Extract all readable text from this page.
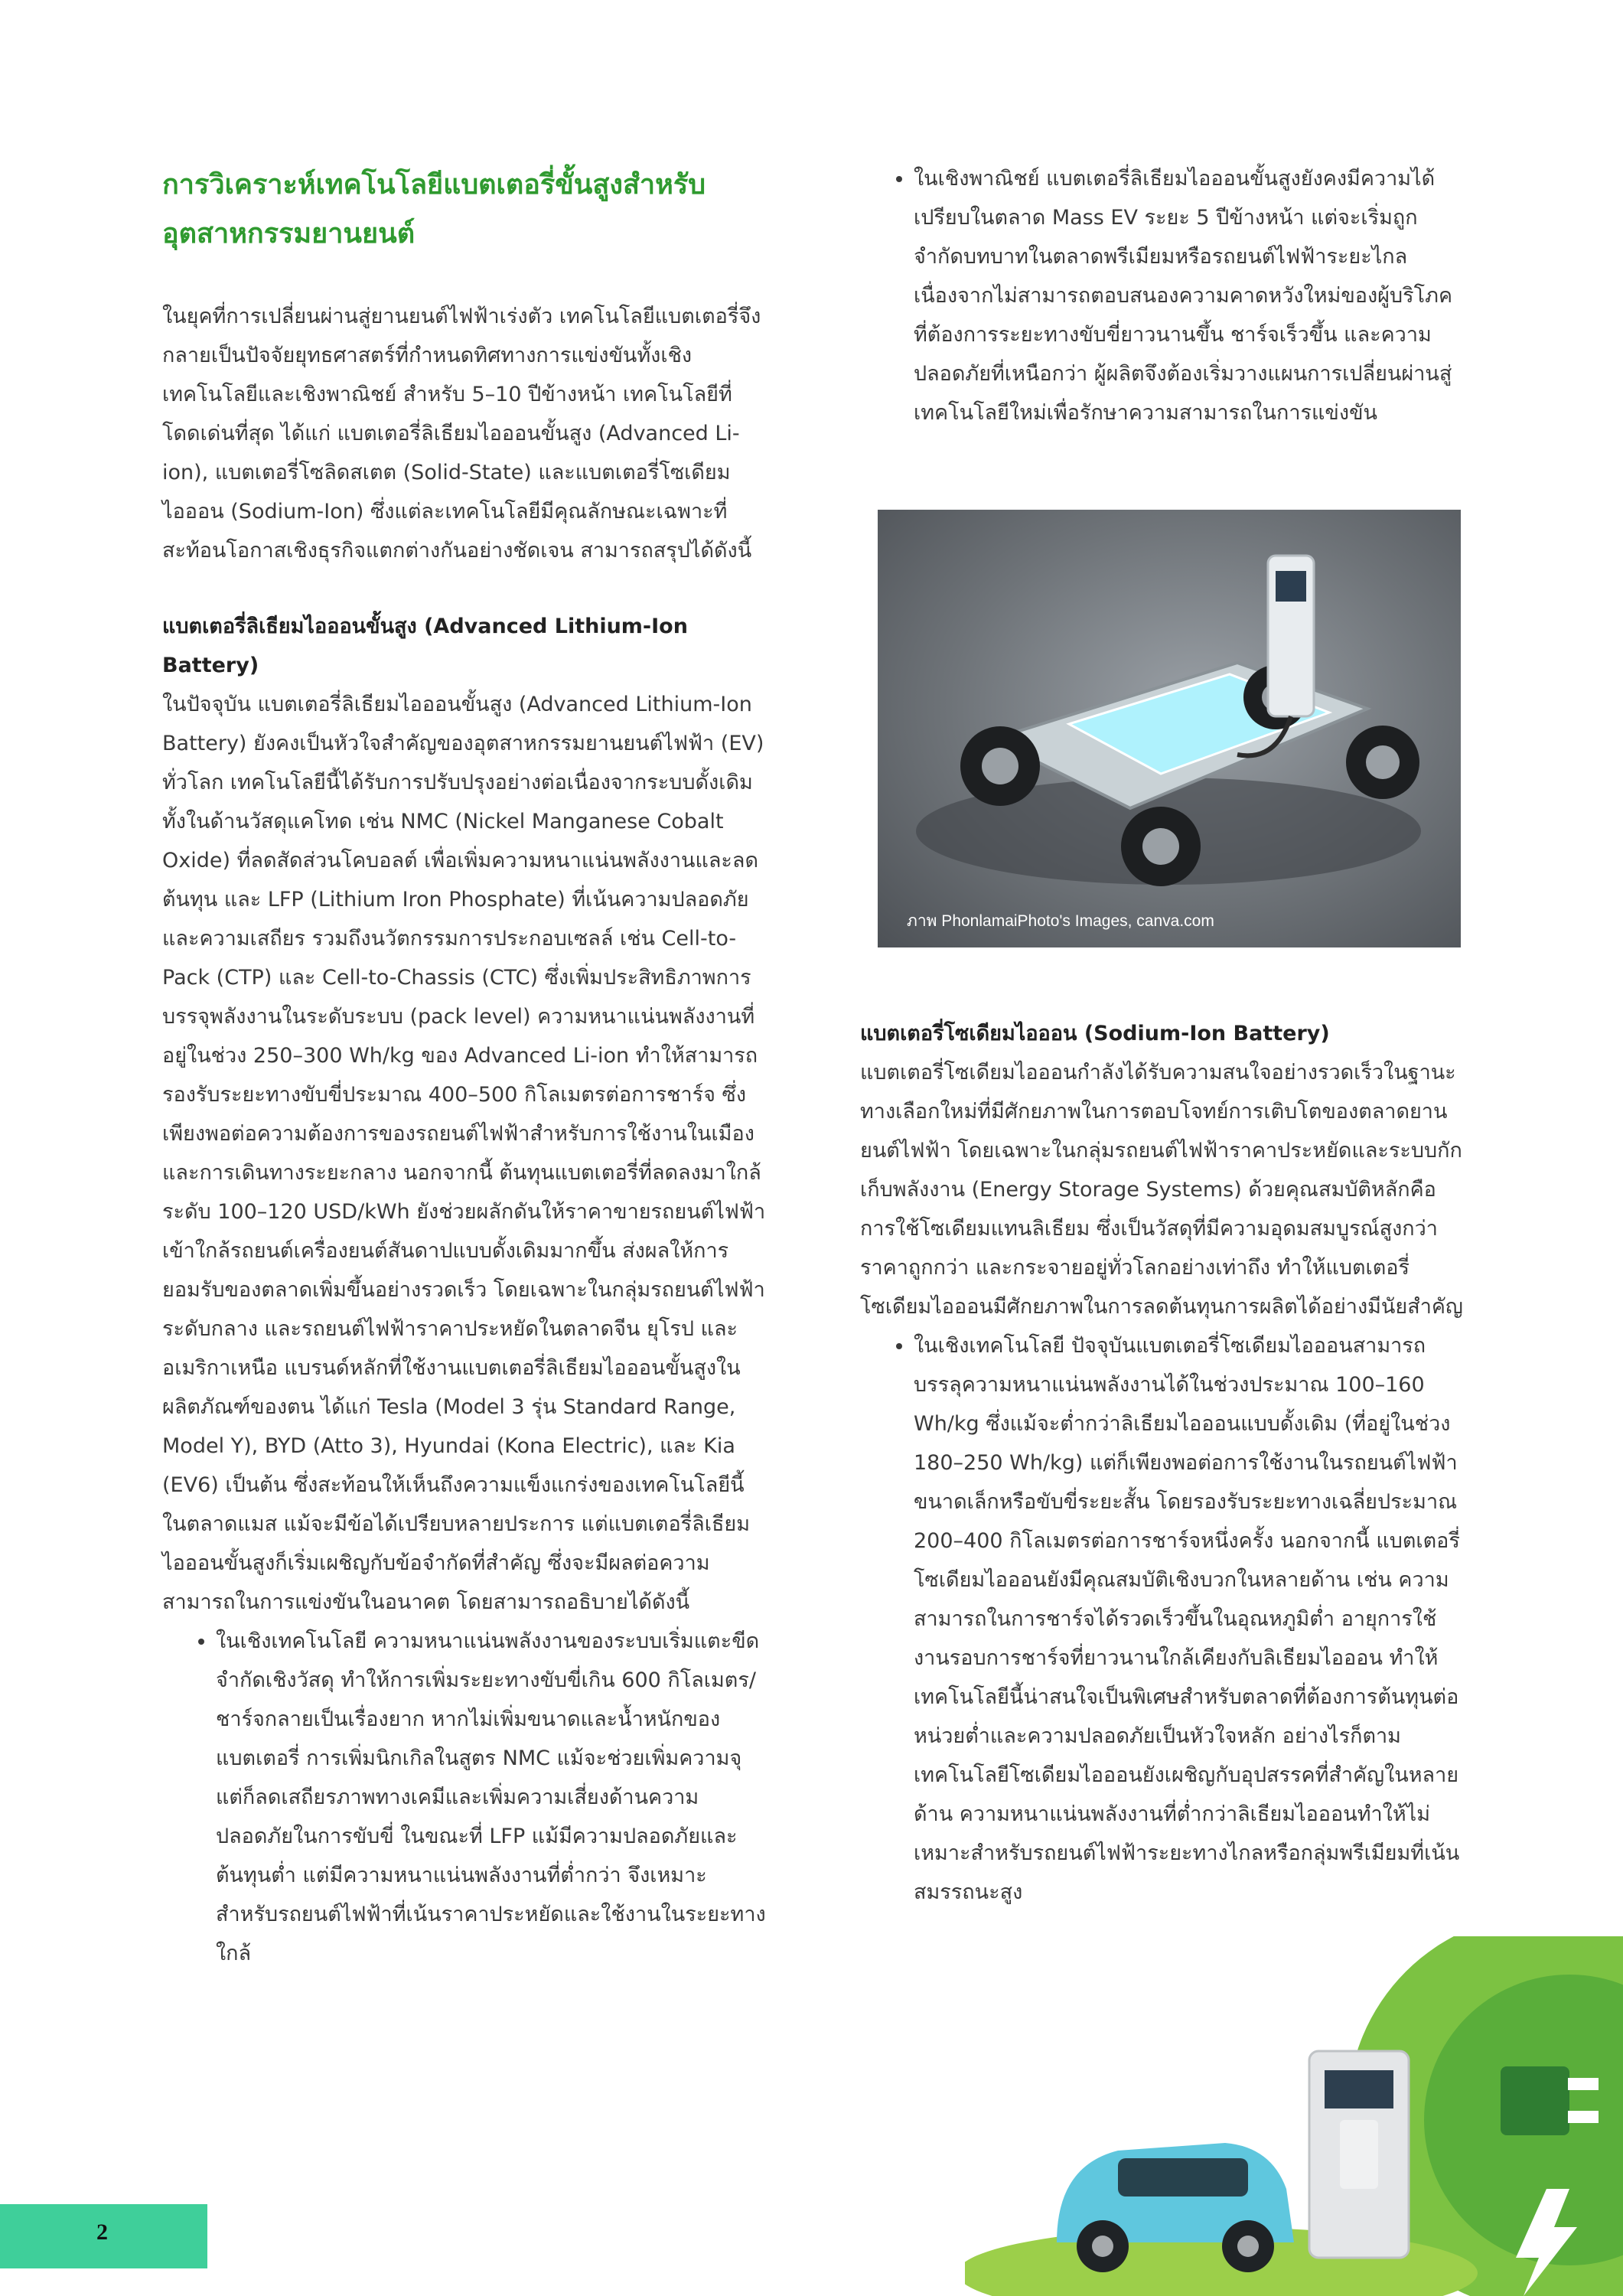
การวิเคราะห์เทคโนโลยีแบตเตอรี่ขั้นสูงสำหรับอุตสาหกรรมยานยนต์

ในยุคที่การเปลี่ยนผ่านสู่ยานยนต์ไฟฟ้าเร่งตัว เทคโนโลยีแบตเตอรี่จึงกลายเป็นปัจจัยยุทธศาสตร์ที่กำหนดทิศทางการแข่งขันทั้งเชิงเทคโนโลยีและเชิงพาณิชย์ สำหรับ 5–10 ปีข้างหน้า เทคโนโลยีที่โดดเด่นที่สุด ได้แก่ แบตเตอรี่ลิเธียมไอออนขั้นสูง (Advanced Li-ion), แบตเตอรี่โซลิดสเตต (Solid-State) และแบตเตอรี่โซเดียมไอออน (Sodium-Ion) ซึ่งแต่ละเทคโนโลยีมีคุณลักษณะเฉพาะที่สะท้อนโอกาสเชิงธุรกิจแตกต่างกันอย่างชัดเจน สามารถสรุปได้ดังนี้

แบตเตอรี่ลิเธียมไอออนขั้นสูง (Advanced Lithium-Ion Battery)

ในปัจจุบัน แบตเตอรี่ลิเธียมไอออนขั้นสูง (Advanced Lithium-Ion Battery) ยังคงเป็นหัวใจสำคัญของอุตสาหกรรมยานยนต์ไฟฟ้า (EV) ทั่วโลก เทคโนโลยีนี้ได้รับการปรับปรุงอย่างต่อเนื่องจากระบบดั้งเดิม ทั้งในด้านวัสดุแคโทด เช่น NMC (Nickel Manganese Cobalt Oxide) ที่ลดสัดส่วนโคบอลต์ เพื่อเพิ่มความหนาแน่นพลังงานและลดต้นทุน และ LFP (Lithium Iron Phosphate) ที่เน้นความปลอดภัยและความเสถียร รวมถึงนวัตกรรมการประกอบเซลล์ เช่น Cell-to-Pack (CTP) และ Cell-to-Chassis (CTC) ซึ่งเพิ่มประสิทธิภาพการบรรจุพลังงานในระดับระบบ (pack level) ความหนาแน่นพลังงานที่อยู่ในช่วง 250–300 Wh/kg ของ Advanced Li-ion ทำให้สามารถรองรับระยะทางขับขี่ประมาณ 400–500 กิโลเมตรต่อการชาร์จ ซึ่งเพียงพอต่อความต้องการของรถยนต์ไฟฟ้าสำหรับการใช้งานในเมืองและการเดินทางระยะกลาง นอกจากนี้ ต้นทุนแบตเตอรี่ที่ลดลงมาใกล้ระดับ 100–120 USD/kWh ยังช่วยผลักดันให้ราคาขายรถยนต์ไฟฟ้าเข้าใกล้รถยนต์เครื่องยนต์สันดาปแบบดั้งเดิมมากขึ้น ส่งผลให้การยอมรับของตลาดเพิ่มขึ้นอย่างรวดเร็ว โดยเฉพาะในกลุ่มรถยนต์ไฟฟ้าระดับกลาง และรถยนต์ไฟฟ้าราคาประหยัดในตลาดจีน ยุโรป และอเมริกาเหนือ แบรนด์หลักที่ใช้งานแบตเตอรี่ลิเธียมไอออนขั้นสูงในผลิตภัณฑ์ของตน ได้แก่ Tesla (Model 3 รุ่น Standard Range, Model Y), BYD (Atto 3), Hyundai (Kona Electric), และ Kia (EV6) เป็นต้น ซึ่งสะท้อนให้เห็นถึงความแข็งแกร่งของเทคโนโลยีนี้ในตลาดแมส แม้จะมีข้อได้เปรียบหลายประการ แต่แบตเตอรี่ลิเธียมไอออนขั้นสูงก็เริ่มเผชิญกับข้อจำกัดที่สำคัญ ซึ่งจะมีผลต่อความสามารถในการแข่งขันในอนาคต โดยสามารถอธิบายได้ดังนี้

• ในเชิงเทคโนโลยี ความหนาแน่นพลังงานของระบบเริ่มแตะขีดจำกัดเชิงวัสดุ ทำให้การเพิ่มระยะทางขับขี่เกิน 600 กิโลเมตร/ชาร์จกลายเป็นเรื่องยาก หากไม่เพิ่มขนาดและน้ำหนักของแบตเตอรี่ การเพิ่มนิกเกิลในสูตร NMC แม้จะช่วยเพิ่มความจุ แต่ก็ลดเสถียรภาพทางเคมีและเพิ่มความเสี่ยงด้านความปลอดภัยในการขับขี่ ในขณะที่ LFP แม้มีความปลอดภัยและต้นทุนต่ำ แต่มีความหนาแน่นพลังงานที่ต่ำกว่า จึงเหมาะสำหรับรถยนต์ไฟฟ้าที่เน้นราคาประหยัดและใช้งานในระยะทางใกล้
• ในเชิงพาณิชย์ แบตเตอรี่ลิเธียมไอออนขั้นสูงยังคงมีความได้เปรียบในตลาด Mass EV ระยะ 5 ปีข้างหน้า แต่จะเริ่มถูกจำกัดบทบาทในตลาดพรีเมียมหรือรถยนต์ไฟฟ้าระยะไกล เนื่องจากไม่สามารถตอบสนองความคาดหวังใหม่ของผู้บริโภคที่ต้องการระยะทางขับขี่ยาวนานขึ้น ชาร์จเร็วขึ้น และความปลอดภัยที่เหนือกว่า ผู้ผลิตจึงต้องเริ่มวางแผนการเปลี่ยนผ่านสู่เทคโนโลยีใหม่เพื่อรักษาความสามารถในการแข่งขัน
ภาพ PhonlamaiPhoto's Images, canva.com
แบตเตอรี่โซเดียมไอออน (Sodium-Ion Battery)

แบตเตอรี่โซเดียมไอออนกำลังได้รับความสนใจอย่างรวดเร็วในฐานะทางเลือกใหม่ที่มีศักยภาพในการตอบโจทย์การเติบโตของตลาดยานยนต์ไฟฟ้า โดยเฉพาะในกลุ่มรถยนต์ไฟฟ้าราคาประหยัดและระบบกักเก็บพลังงาน (Energy Storage Systems) ด้วยคุณสมบัติหลักคือการใช้โซเดียมแทนลิเธียม ซึ่งเป็นวัสดุที่มีความอุดมสมบูรณ์สูงกว่า ราคาถูกกว่า และกระจายอยู่ทั่วโลกอย่างเท่าถึง ทำให้แบตเตอรี่โซเดียมไอออนมีศักยภาพในการลดต้นทุนการผลิตได้อย่างมีนัยสำคัญ

• ในเชิงเทคโนโลยี ปัจจุบันแบตเตอรี่โซเดียมไอออนสามารถบรรลุความหนาแน่นพลังงานได้ในช่วงประมาณ 100–160 Wh/kg ซึ่งแม้จะต่ำกว่าลิเธียมไอออนแบบดั้งเดิม (ที่อยู่ในช่วง 180–250 Wh/kg) แต่ก็เพียงพอต่อการใช้งานในรถยนต์ไฟฟ้าขนาดเล็กหรือขับขี่ระยะสั้น โดยรองรับระยะทางเฉลี่ยประมาณ 200–400 กิโลเมตรต่อการชาร์จหนึ่งครั้ง นอกจากนี้ แบตเตอรี่โซเดียมไอออนยังมีคุณสมบัติเชิงบวกในหลายด้าน เช่น ความสามารถในการชาร์จได้รวดเร็วขึ้นในอุณหภูมิต่ำ อายุการใช้งานรอบการชาร์จที่ยาวนานใกล้เคียงกับลิเธียมไอออน ทำให้เทคโนโลยีนี้น่าสนใจเป็นพิเศษสำหรับตลาดที่ต้องการต้นทุนต่อหน่วยต่ำและความปลอดภัยเป็นหัวใจหลัก อย่างไรก็ตามเทคโนโลยีโซเดียมไอออนยังเผชิญกับอุปสรรคที่สำคัญในหลายด้าน ความหนาแน่นพลังงานที่ต่ำกว่าลิเธียมไอออนทำให้ไม่เหมาะสำหรับรถยนต์ไฟฟ้าระยะทางไกลหรือกลุ่มพรีเมียมที่เน้นสมรรถนะสูง
2
